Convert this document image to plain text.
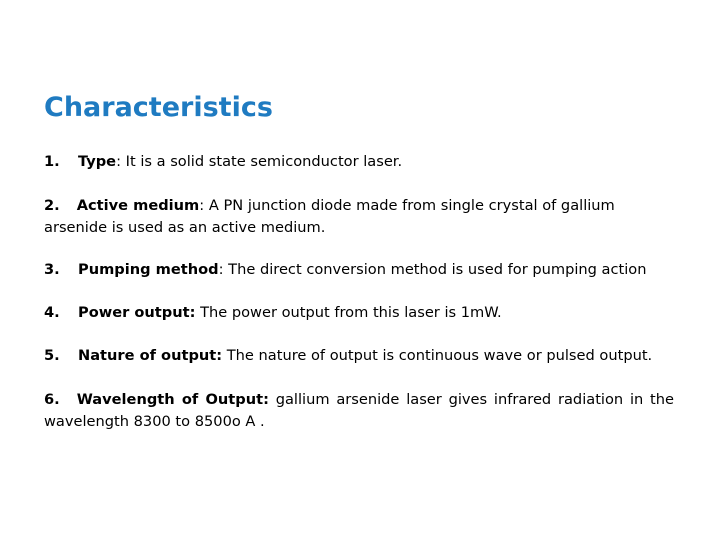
Characteristics

1. Type: It is a solid state semiconductor laser.

2. Active medium: A PN junction diode made from single crystal of gallium arsenide is used as an active medium.

3. Pumping method: The direct conversion method is used for pumping action

4. Power output: The power output from this laser is 1mW.

5. Nature of output: The nature of output is continuous wave or pulsed output.

6. Wavelength of Output: gallium arsenide laser gives infrared radiation in the wavelength 8300 to 8500o A .
